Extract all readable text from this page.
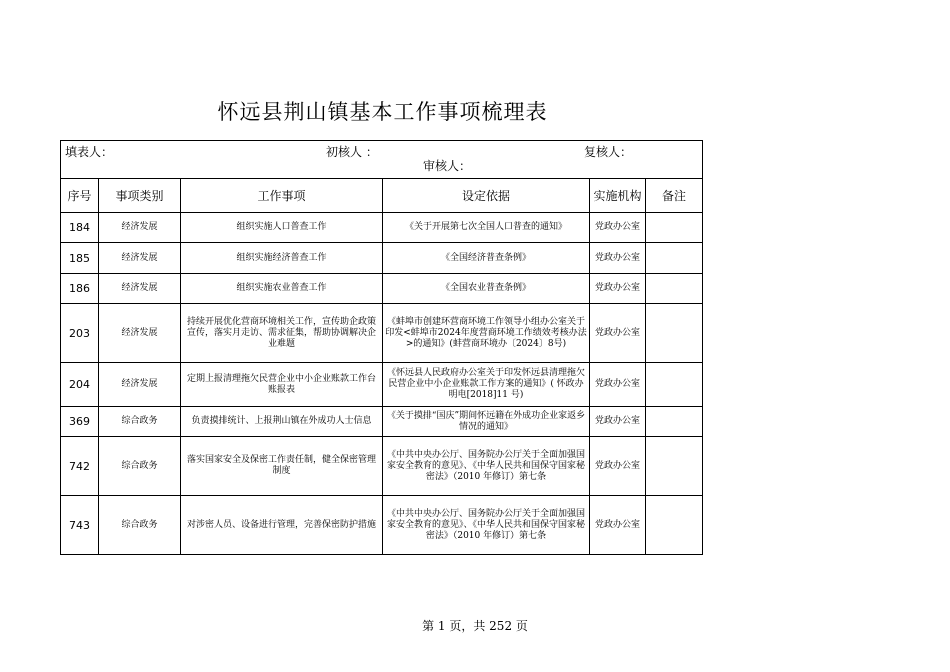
怀远县荆山镇基本工作事项梳理表
填表人： 初核人 ： 复核人：
审核人：					

序号	事项类别	工作事项	设定依据	实施机构	备注
184	经济发展	组织实施人口普查工作	《关于开展第七次全国人口普查的通知》	党政办公室	
185	经济发展	组织实施经济普查工作	《全国经济普查条例》	党政办公室	
186	经济发展	组织实施农业普查工作	《全国农业普查条例》	党政办公室	
203	经济发展	持续开展优化营商环境相关工作，宣传助企政策宣传，落实月走访、需求征集，帮助协调解决企业难题	《蚌埠市创建环营商环境工作领导小组办公室关于印发<蚌埠市2024年度营商环境工作绩效考核办法>的通知》(蚌营商环境办〔2024〕8号)	党政办公室	
204	经济发展	定期上报清理拖欠民营企业中小企业账款工作台账报表	《怀远县人民政府办公室关于印发怀远县清理拖欠民营企业中小企业账款工作方案的通知》( 怀政办明电[2018]11 号)	党政办公室	
369	综合政务	负责摸排统计、上报荆山镇在外成功人士信息	《关于摸排“国庆”期间怀远籍在外成功企业家返乡情况的通知》	党政办公室	
742	综合政务	落实国家安全及保密工作责任制，健全保密管理制度	《中共中央办公厅、国务院办公厅关于全面加强国家安全教育的意见》、《中华人民共和国保守国家秘密法》（2010 年修订）第七条	党政办公室	
743	综合政务	对涉密人员、设备进行管理，完善保密防护措施	《中共中央办公厅、国务院办公厅关于全面加强国家安全教育的意见》、《中华人民共和国保守国家秘密法》（2010 年修订）第七条	党政办公室	
第 1 页，共 252 页
